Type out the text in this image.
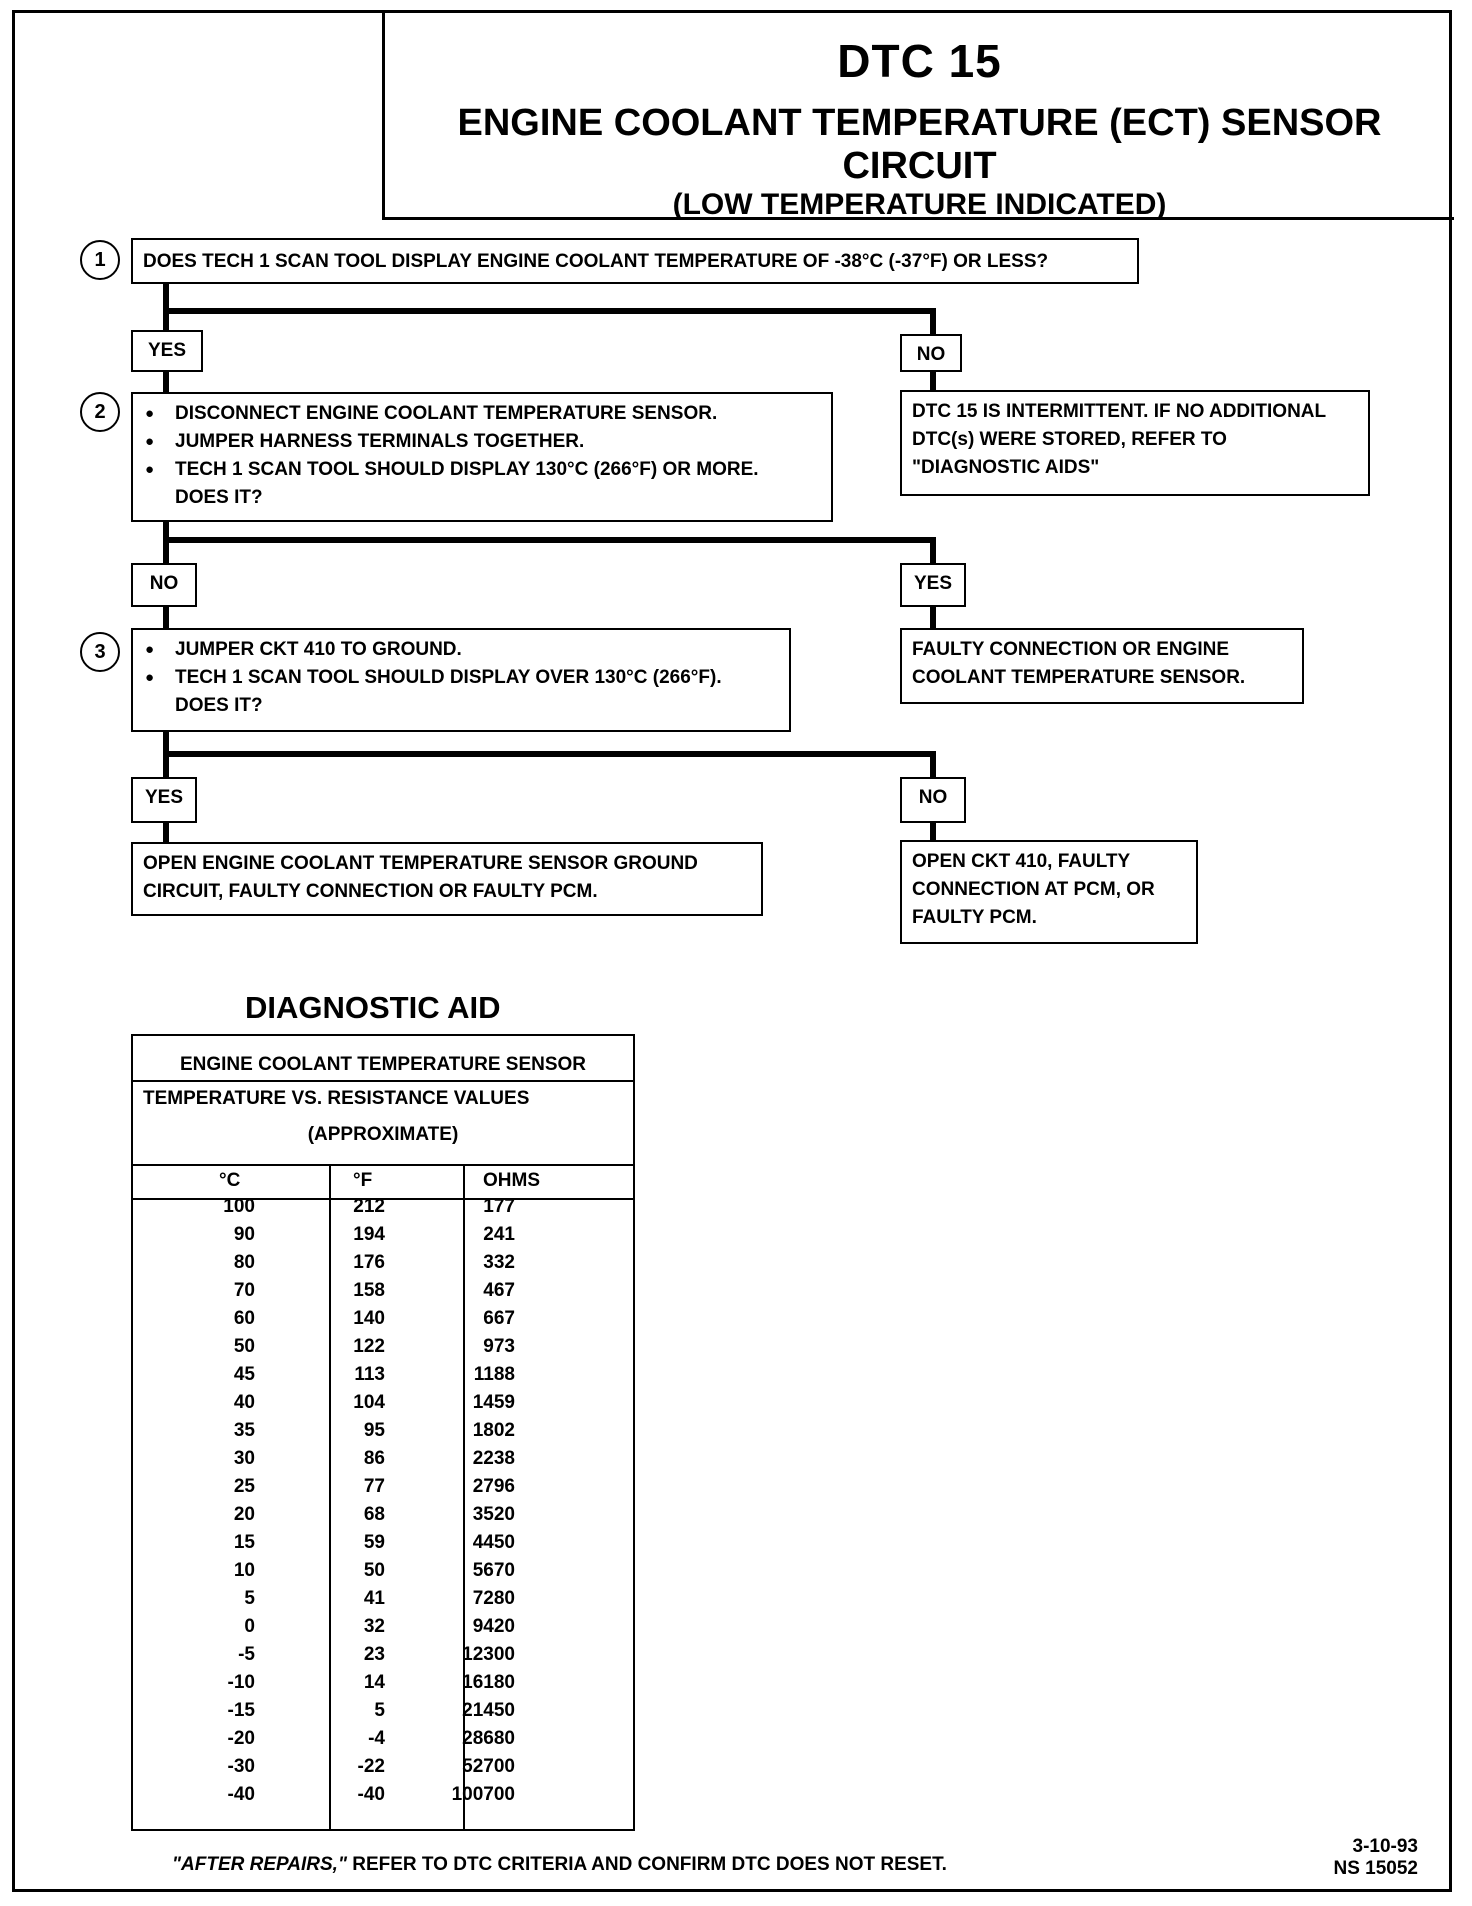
DTC 15
ENGINE COOLANT TEMPERATURE (ECT) SENSOR CIRCUIT
(LOW TEMPERATURE INDICATED)
1	DOES TECH 1 SCAN TOOL DISPLAY ENGINE COOLANT TEMPERATURE OF -38°C (-37°F) OR LESS?
YES	NO
2	● DISCONNECT ENGINE COOLANT TEMPERATURE SENSOR.
● JUMPER HARNESS TERMINALS TOGETHER.
● TECH 1 SCAN TOOL SHOULD DISPLAY 130°C (266°F) OR MORE.
DOES IT?
DTC 15 IS INTERMITTENT. IF NO ADDITIONAL DTC(s) WERE STORED, REFER TO "DIAGNOSTIC AIDS"
NO	YES
3	● JUMPER CKT 410 TO GROUND.
● TECH 1 SCAN TOOL SHOULD DISPLAY OVER 130°C (266°F).
DOES IT?
FAULTY CONNECTION OR ENGINE COOLANT TEMPERATURE SENSOR.
YES	NO
OPEN ENGINE COOLANT TEMPERATURE SENSOR GROUND CIRCUIT, FAULTY CONNECTION OR FAULTY PCM.
OPEN CKT 410, FAULTY CONNECTION AT PCM, OR FAULTY PCM.
DIAGNOSTIC AID
ENGINE COOLANT TEMPERATURE SENSOR
TEMPERATURE VS. RESISTANCE VALUES
(APPROXIMATE)
°C	°F	OHMS
100	212	177
90	194	241
80	176	332
70	158	467
60	140	667
50	122	973
45	113	1188
40	104	1459
35	95	1802
30	86	2238
25	77	2796
20	68	3520
15	59	4450
10	50	5670
5	41	7280
0	32	9420
-5	23	12300
-10	14	16180
-15	5	21450
-20	-4	28680
-30	-22	52700
-40	-40	100700
"AFTER REPAIRS," REFER TO DTC CRITERIA AND CONFIRM DTC DOES NOT RESET.
3-10-93
NS 15052
